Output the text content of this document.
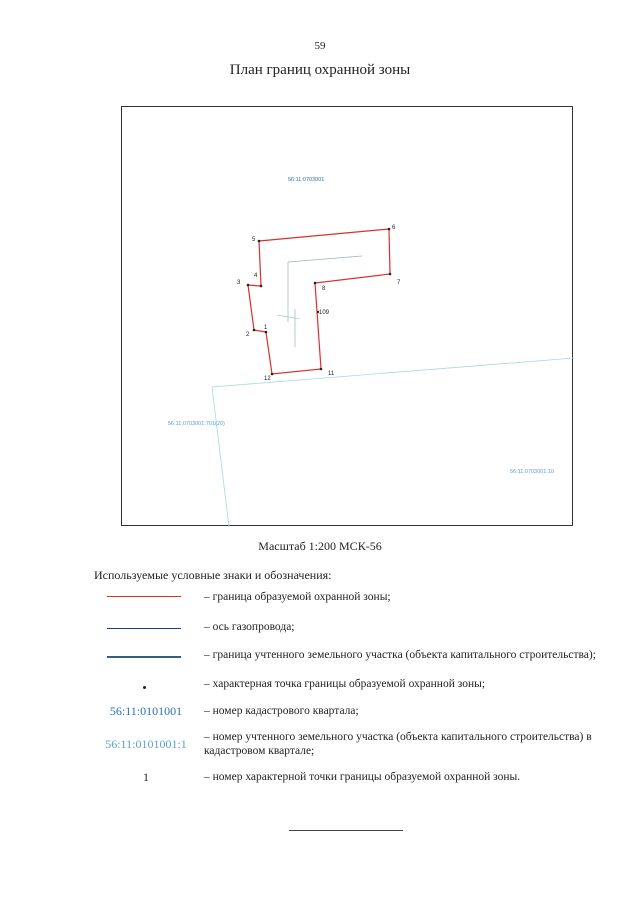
59
План границ охранной зоны
1
2
3
4
5
6
7
8
11
12
109
56:11:0703001
56:11:0703001:701(20)
56:11:0703001:10
Масштаб 1:200 МСК-56
Используемые условные знаки и обозначения:
– граница образуемой охранной зоны;
– ось газопровода;
– граница учтенного земельного участка (объекта капитального строительства);
– характерная точка границы образуемой охранной зоны;
56:11:0101001	– номер кадастрового квартала;
56:11:0101001:1	– номер учтенного земельного участка (объекта капитального строительства) в кадастровом квартале;
1	– номер характерной точки границы образуемой охранной зоны.
